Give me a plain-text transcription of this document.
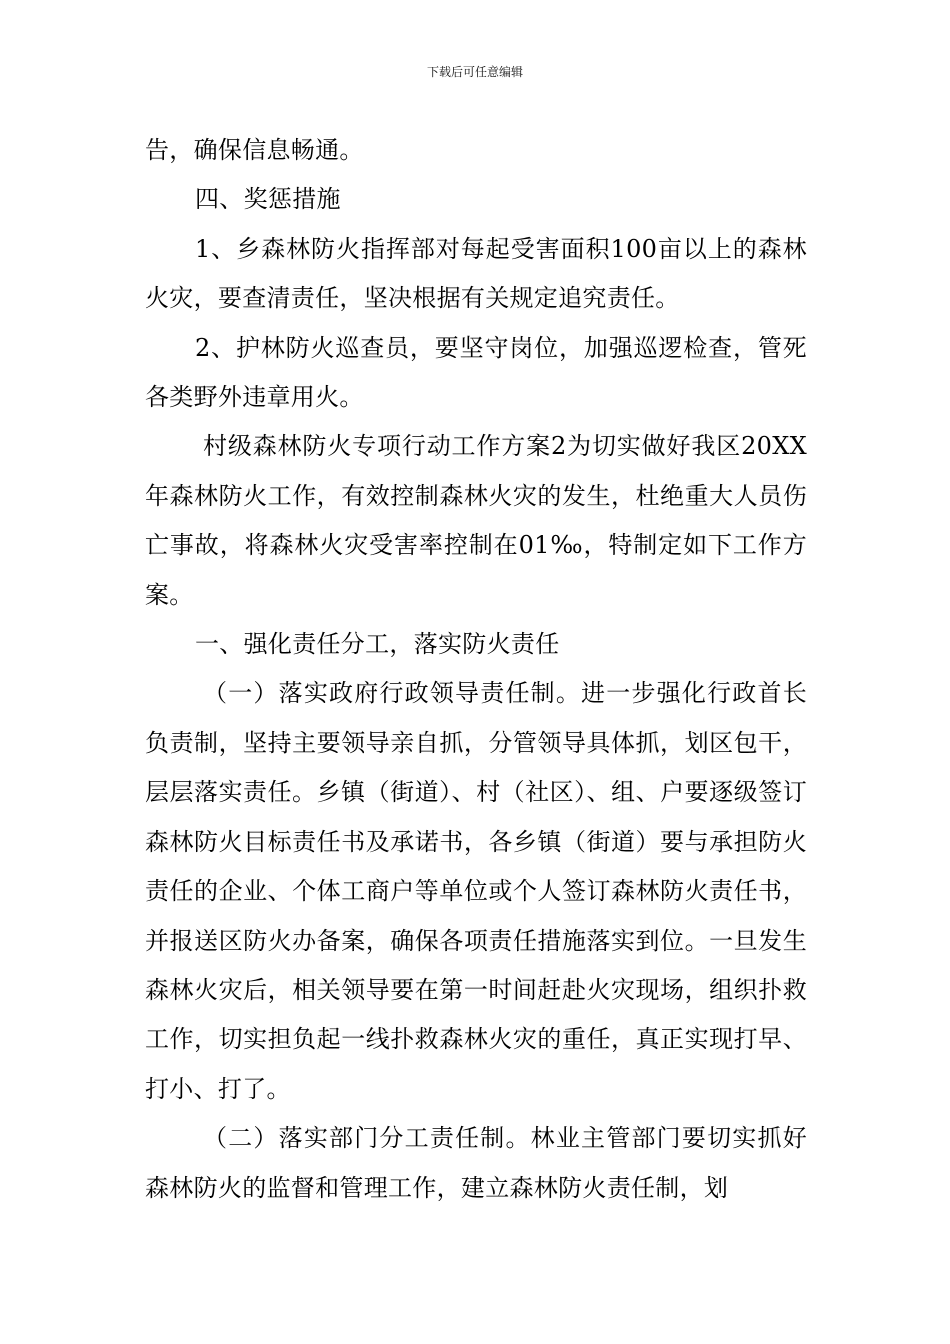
下载后可任意编辑

告，确保信息畅通。

四、奖惩措施

1、乡森林防火指挥部对每起受害面积100亩以上的森林火灾，要查清责任，坚决根据有关规定追究责任。

2、护林防火巡查员，要坚守岗位，加强巡逻检查，管死各类野外违章用火。

村级森林防火专项行动工作方案2为切实做好我区20XX年森林防火工作，有效控制森林火灾的发生，杜绝重大人员伤亡事故，将森林火灾受害率控制在01‰，特制定如下工作方案。

一、强化责任分工，落实防火责任

（一）落实政府行政领导责任制。进一步强化行政首长负责制，坚持主要领导亲自抓，分管领导具体抓，划区包干，层层落实责任。乡镇（街道）、村（社区）、组、户要逐级签订森林防火目标责任书及承诺书，各乡镇（街道）要与承担防火责任的企业、个体工商户等单位或个人签订森林防火责任书，并报送区防火办备案，确保各项责任措施落实到位。一旦发生森林火灾后，相关领导要在第一时间赶赴火灾现场，组织扑救工作，切实担负起一线扑救森林火灾的重任，真正实现打早、打小、打了。

（二）落实部门分工责任制。林业主管部门要切实抓好森林防火的监督和管理工作，建立森林防火责任制，划
